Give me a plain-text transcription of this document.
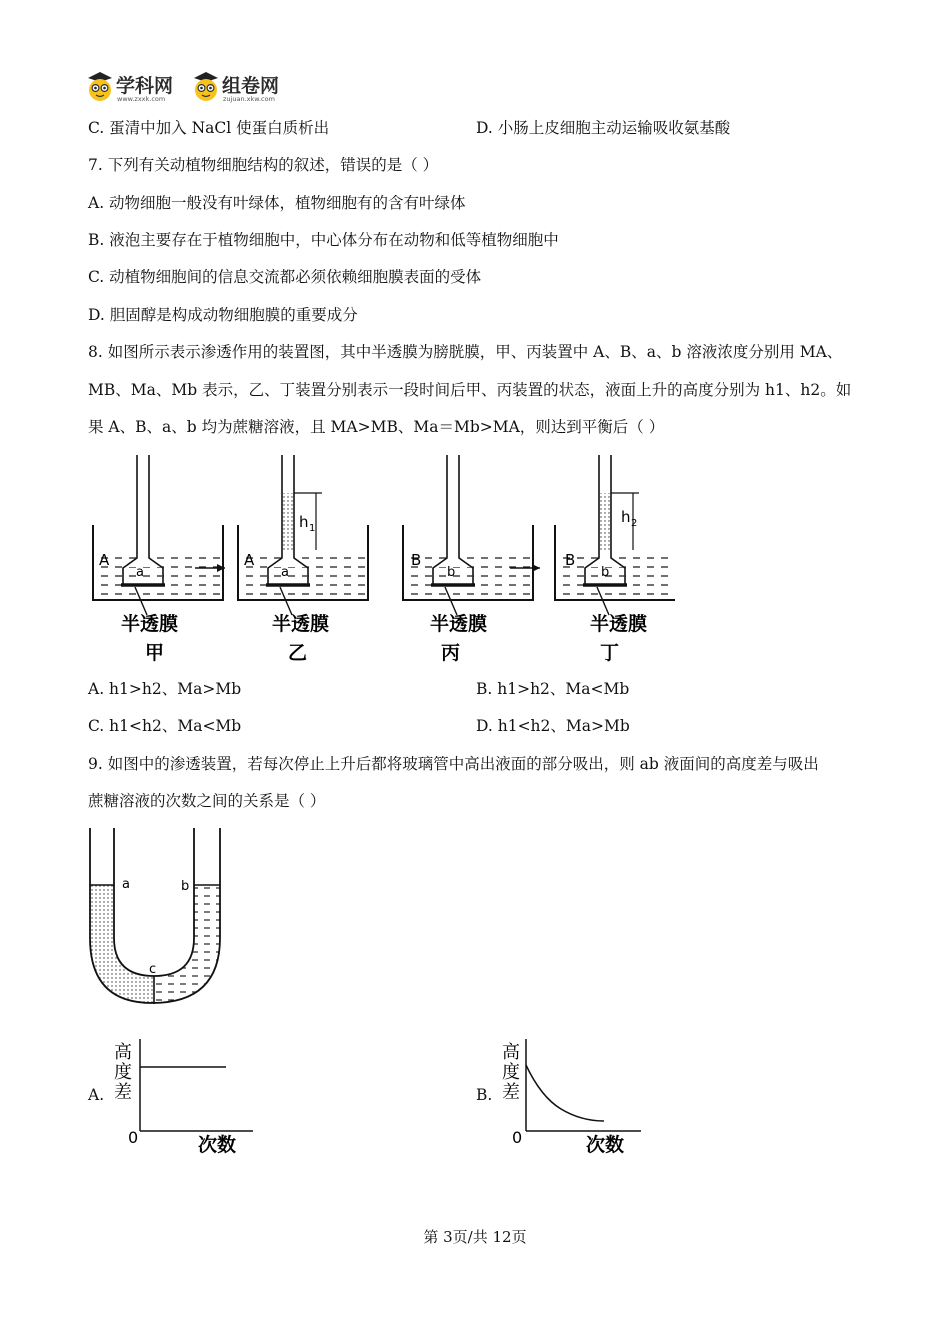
学科网
www.zxxk.com
组卷网
zujuan.xkw.com
C. 蛋清中加入 NaCl 使蛋白质析出	D. 小肠上皮细胞主动运输吸收氨基酸
7. 下列有关动植物细胞结构的叙述，错误的是（ ）
A. 动物细胞一般没有叶绿体，植物细胞有的含有叶绿体
B. 液泡主要存在于植物细胞中，中心体分布在动物和低等植物细胞中
C. 动植物细胞间的信息交流都必须依赖细胞膜表面的受体
D. 胆固醇是构成动物细胞膜的重要成分
8. 如图所示表示渗透作用的装置图，其中半透膜为膀胱膜，甲、丙装置中 A、B、a、b 溶液浓度分别用 MA、
MB、Ma、Mb 表示，乙、丁装置分别表示一段时间后甲、丙装置的状态，液面上升的高度分别为 h1、h2。如
果 A、B、a、b 均为蔗糖溶液，且 MA>MB、Ma＝Mb>MA，则达到平衡后（ ）
A
a
A
a
h 1
B
b
B
b
h 2
半透膜
甲
半透膜
乙
半透膜
丙
半透膜
丁
A. h1>h2、Ma>Mb	B. h1>h2、Ma<Mb
C. h1<h2、Ma<Mb	D. h1<h2、Ma>Mb
9. 如图中的渗透装置，若每次停止上升后都将玻璃管中高出液面的部分吸出，则 ab 液面间的高度差与吸出
蔗糖溶液的次数之间的关系是（ ）
a	b
c
A.
高
度
差
0	次数
B.
高
度
差
0	次数
第 3页/共 12页
